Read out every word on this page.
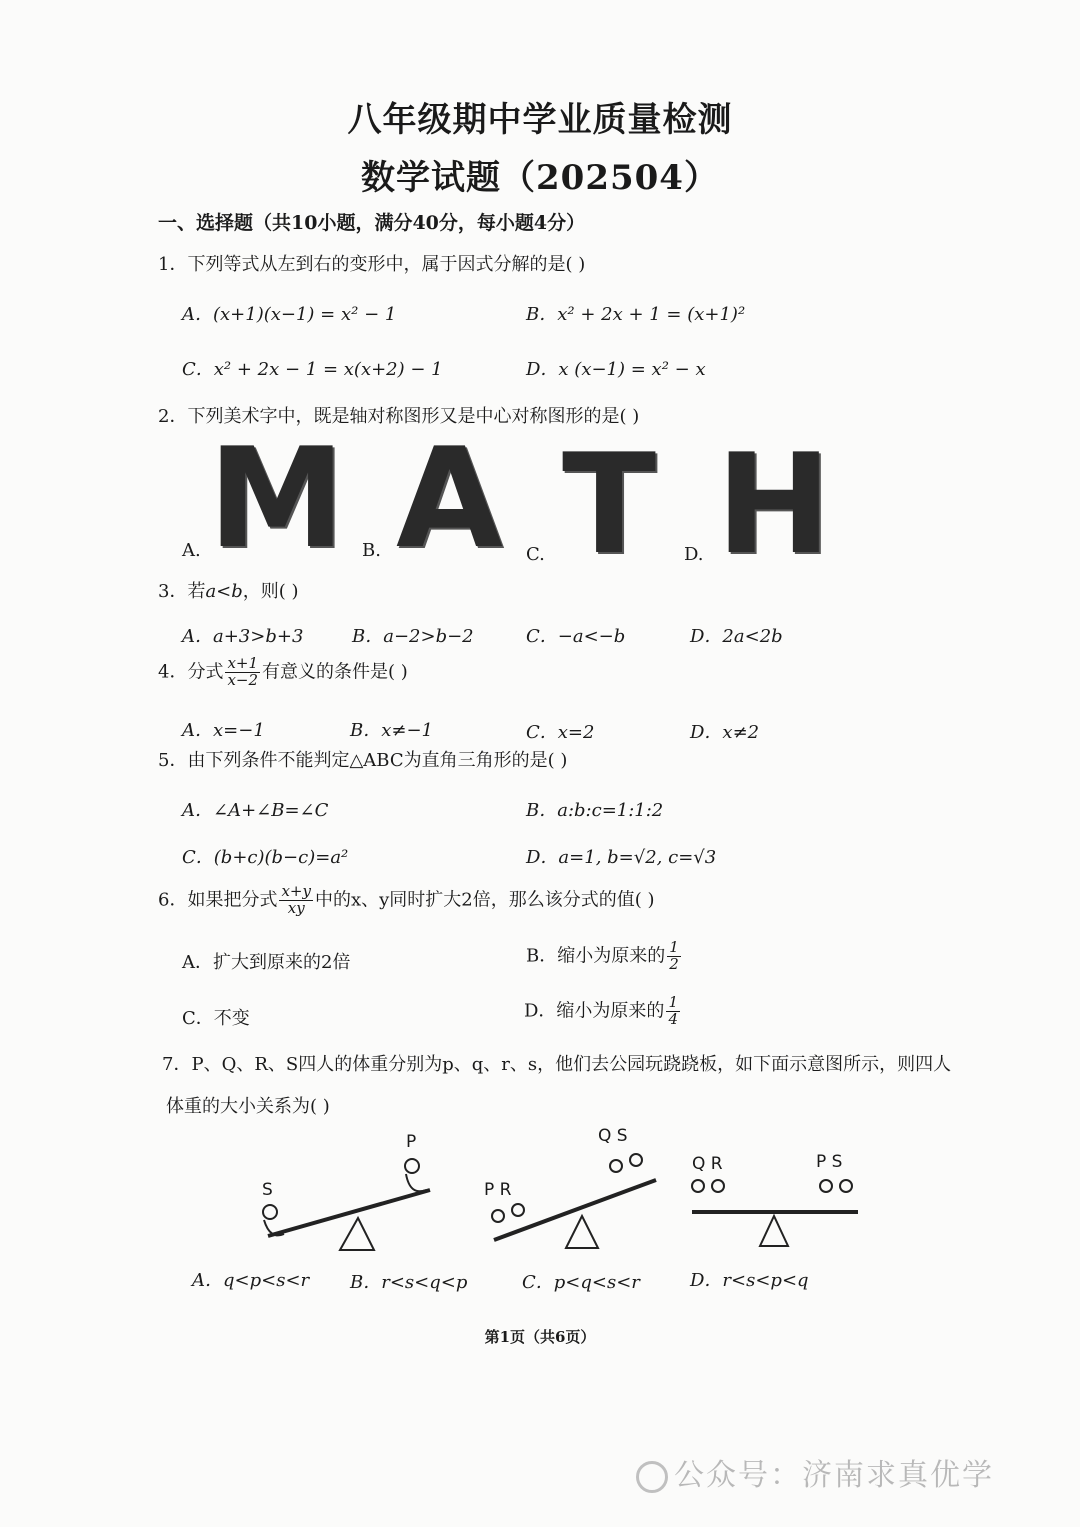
八年级期中学业质量检测
数学试题（202504）
一、选择题（共10小题，满分40分，每小题4分）
1．下列等式从左到右的变形中，属于因式分解的是( )
A．(x+1)(x−1) = x² − 1	B．x² + 2x + 1 = (x+1)²
C．x² + 2x − 1 = x(x+2) − 1	D．x (x−1) = x² − x
2．下列美术字中，既是轴对称图形又是中心对称图形的是( )
M A T H
A.	B.	C.	D.
3．若a<b，则( )
A．a+3>b+3	B．a−2>b−2	C．−a<−b	D．2a<2b
4．分式 $\frac{x+1}{x-2}$ 有意义的条件是( )
A．x=−1	B．x≠−1	C．x=2	D．x≠2
5．由下列条件不能判定△ABC为直角三角形的是( )
A．∠A+∠B=∠C	B．a:b:c=1:1:2
C．(b+c)(b−c)=a²	D．a=1, b=√2, c=√3
6．如果把分式 $\frac{x+y}{xy}$ 中的x、y同时扩大2倍，那么该分式的值( )
A．扩大到原来的2倍	B．缩小为原来的 $\frac{1}{2}$
C．不变	D．缩小为原来的 $\frac{1}{4}$
7．P、Q、R、S四人的体重分别为p、q、r、s，他们去公园玩跷跷板，如下面示意图所示，则四人
体重的大小关系为( )
S
P
P R
Q S
Q R	P S
A．q<p<s<r B．r<s<q<p	C．p<q<s<r	D．r<s<p<q
第1页（共6页）
公众号：济南求真优学
